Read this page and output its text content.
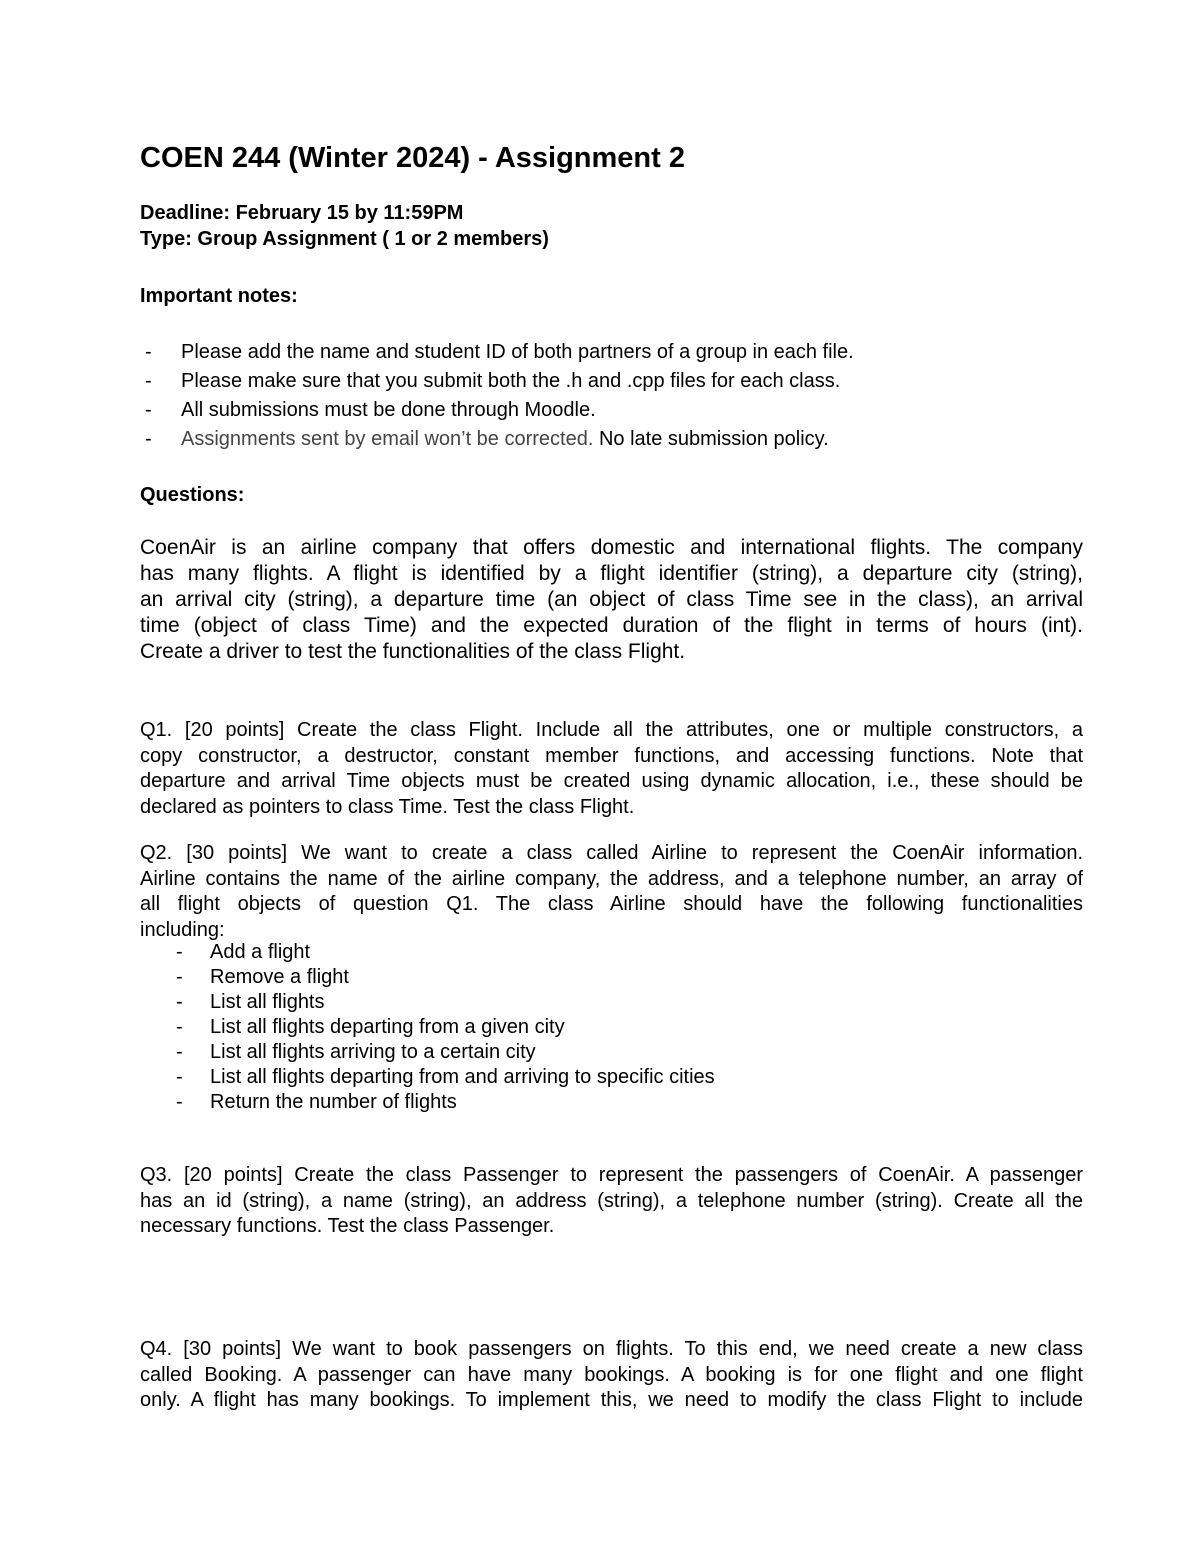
COEN 244 (Winter 2024) - Assignment 2
Deadline: February 15 by 11:59PM
Type: Group Assignment ( 1 or 2 members)
Important notes:
- Please add the name and student ID of both partners of a group in each file.
- Please make sure that you submit both the .h and .cpp files for each class.
- All submissions must be done through Moodle.
- Assignments sent by email won’t be corrected. No late submission policy.
Questions:
CoenAir is an airline company that offers domestic and international flights. The company
has many flights. A flight is identified by a flight identifier (string), a departure city (string),
an arrival city (string), a departure time (an object of class Time see in the class), an arrival
time (object of class Time) and the expected duration of the flight in terms of hours (int).
Create a driver to test the functionalities of the class Flight.
Q1. [20 points] Create the class Flight. Include all the attributes, one or multiple constructors, a
copy constructor, a destructor, constant member functions, and accessing functions. Note that
departure and arrival Time objects must be created using dynamic allocation, i.e., these should be
declared as pointers to class Time. Test the class Flight.
Q2. [30 points] We want to create a class called Airline to represent the CoenAir information.
Airline contains the name of the airline company, the address, and a telephone number, an array of
all flight objects of question Q1. The class Airline should have the following functionalities
including:
- Add a flight
- Remove a flight
- List all flights
- List all flights departing from a given city
- List all flights arriving to a certain city
- List all flights departing from and arriving to specific cities
- Return the number of flights
Q3. [20 points] Create the class Passenger to represent the passengers of CoenAir. A passenger
has an id (string), a name (string), an address (string), a telephone number (string). Create all the
necessary functions. Test the class Passenger.
Q4. [30 points] We want to book passengers on flights. To this end, we need create a new class
called Booking. A passenger can have many bookings. A booking is for one flight and one flight
only. A flight has many bookings. To implement this, we need to modify the class Flight to include
